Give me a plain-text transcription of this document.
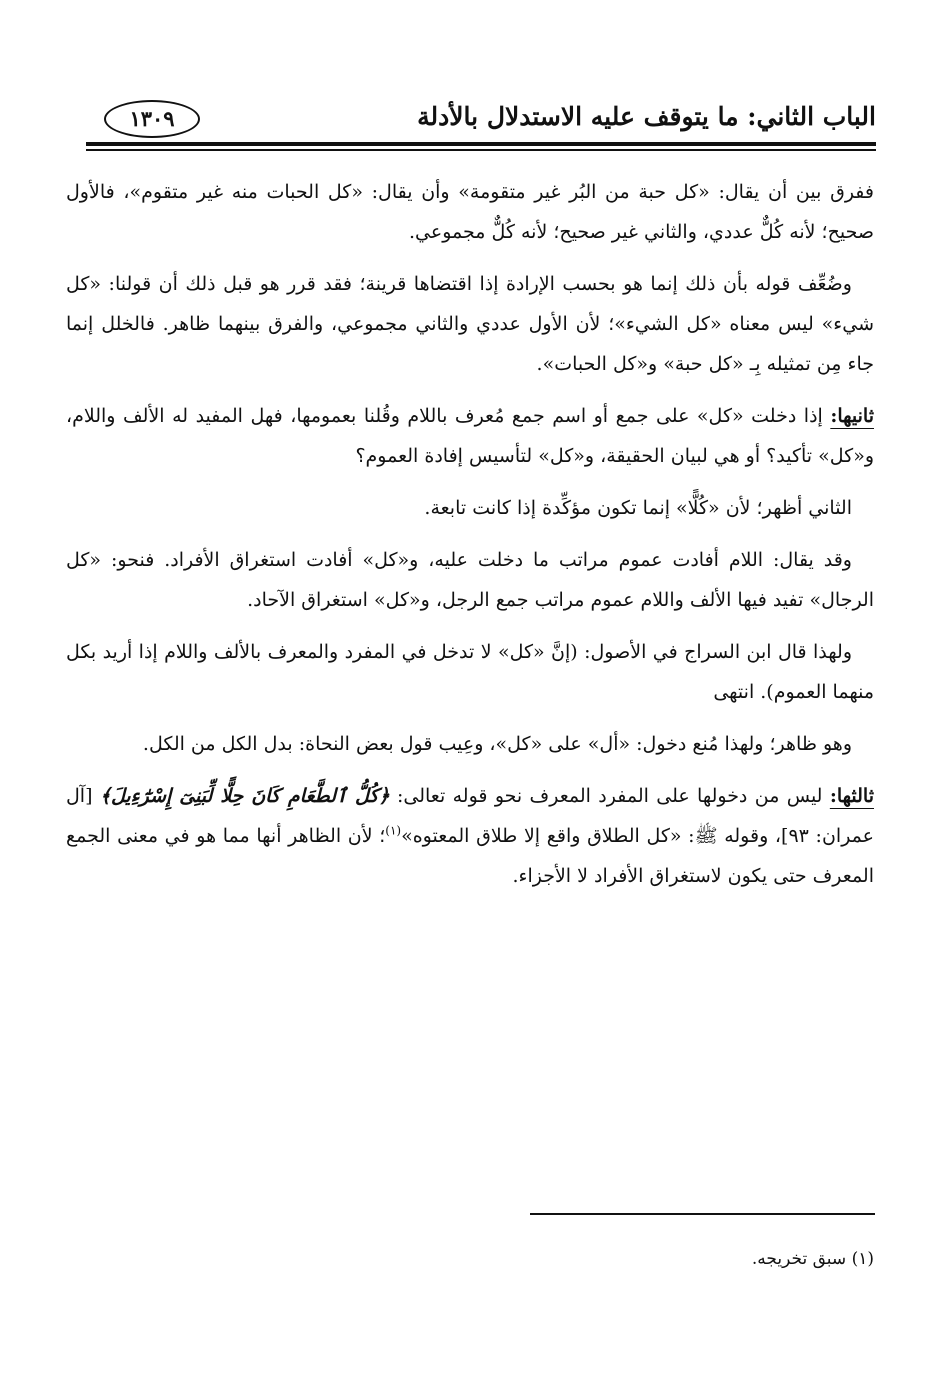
الباب الثاني: ما يتوقف عليه الاستدلال بالأدلة
١٣٠٩

ففرق بين أن يقال: «كل حبة من البُر غير متقومة» وأن يقال: «كل الحبات منه غير متقوم»، فالأول صحيح؛ لأنه كُلٌّ عددي، والثاني غير صحيح؛ لأنه كُلٌّ مجموعي.

وضُعِّف قوله بأن ذلك إنما هو بحسب الإرادة إذا اقتضاها قرينة؛ فقد قرر هو قبل ذلك أن قولنا: «كل شيء» ليس معناه «كل الشيء»؛ لأن الأول عددي والثاني مجموعي، والفرق بينهما ظاهر. فالخلل إنما جاء مِن تمثيله بِـ «كل حبة» و«كل الحبات».

ثانيها: إذا دخلت «كل» على جمع أو اسم جمع مُعرف باللام وقُلنا بعمومها، فهل المفيد له الألف واللام، و«كل» تأكيد؟ أو هي لبيان الحقيقة، و«كل» لتأسيس إفادة العموم؟

الثاني أظهر؛ لأن «كُلًّا» إنما تكون مؤكِّدة إذا كانت تابعة.

وقد يقال: اللام أفادت عموم مراتب ما دخلت عليه، و«كل» أفادت استغراق الأفراد. فنحو: «كل الرجال» تفيد فيها الألف واللام عموم مراتب جمع الرجل، و«كل» استغراق الآحاد.

ولهذا قال ابن السراج في الأصول: (إنَّ «كل» لا تدخل في المفرد والمعرف بالألف واللام إذا أريد بكل منهما العموم). انتهى

وهو ظاهر؛ ولهذا مُنع دخول: «أل» على «كل»، وعِيب قول بعض النحاة: بدل الكل من الكل.

ثالثها: ليس من دخولها على المفرد المعرف نحو قوله تعالى: ﴿كُلُّ ٱلطَّعَامِ كَانَ حِلًّا لِّبَنِىٓ إِسْرَٰٓءِيلَ﴾ [آل عمران: ٩٣]، وقوله ﷺ: «كل الطلاق واقع إلا طلاق المعتوه»$^{(١)}$؛ لأن الظاهر أنها مما هو في معنى الجمع المعرف حتى يكون لاستغراق الأفراد لا الأجزاء.

(١) سبق تخريجه.
